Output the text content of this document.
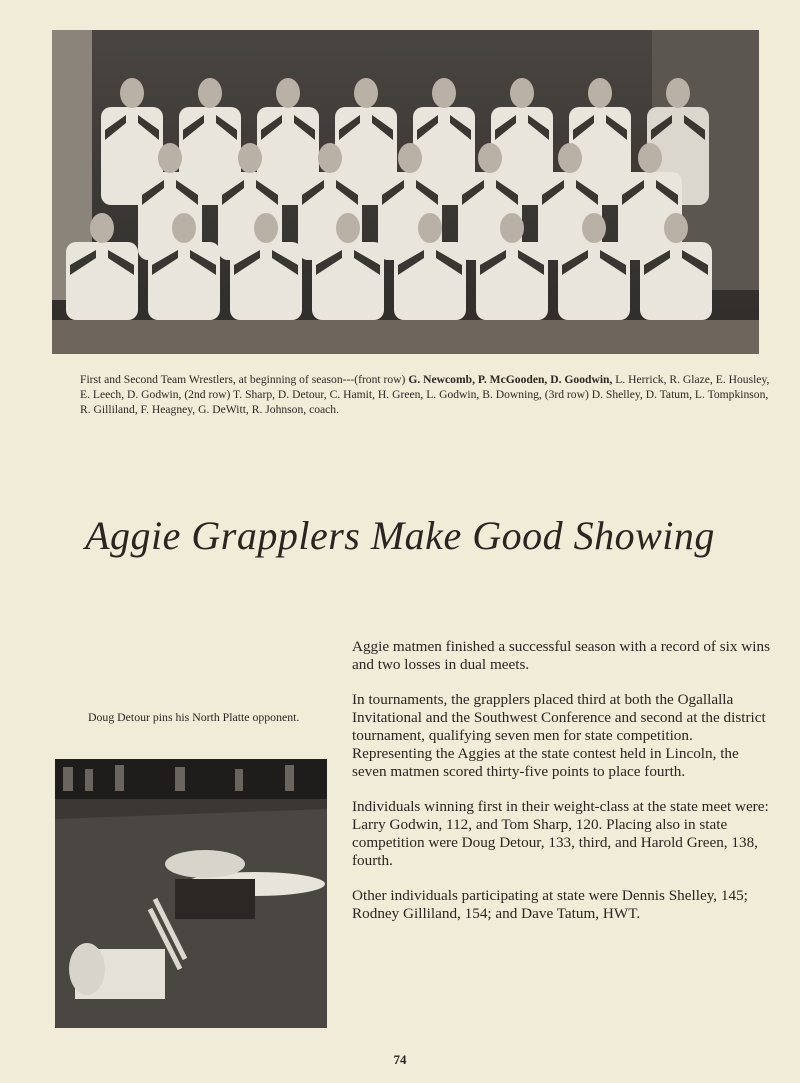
First and Second Team Wrestlers, at beginning of season---(front row) G. Newcomb, P. McGooden, D. Goodwin, L. Herrick, R. Glaze, E. Housley, E. Leech, D. Godwin, (2nd row) T. Sharp, D. Detour, C. Hamit, H. Green, L. Godwin, B. Downing, (3rd row) D. Shelley, D. Tatum, L. Tompkinson, R. Gilliland, F. Heagney, G. DeWitt, R. Johnson, coach.
Aggie Grapplers Make Good Showing
Doug Detour pins his North Platte opponent.

Aggie matmen finished a successful season with a record of six wins and two losses in dual meets.

In tournaments, the grapplers placed third at both the Ogallalla Invitational and the Southwest Conference and second at the district tournament, qualifying seven men for state competition. Representing the Aggies at the state contest held in Lincoln, the seven matmen scored thirty-five points to place fourth.

Individuals winning first in their weight-class at the state meet were: Larry Godwin, 112, and Tom Sharp, 120. Placing also in state competition were Doug Detour, 133, third, and Harold Green, 138, fourth.

Other individuals participating at state were Dennis Shelley, 145; Rodney Gilliland, 154; and Dave Tatum, HWT.

74
